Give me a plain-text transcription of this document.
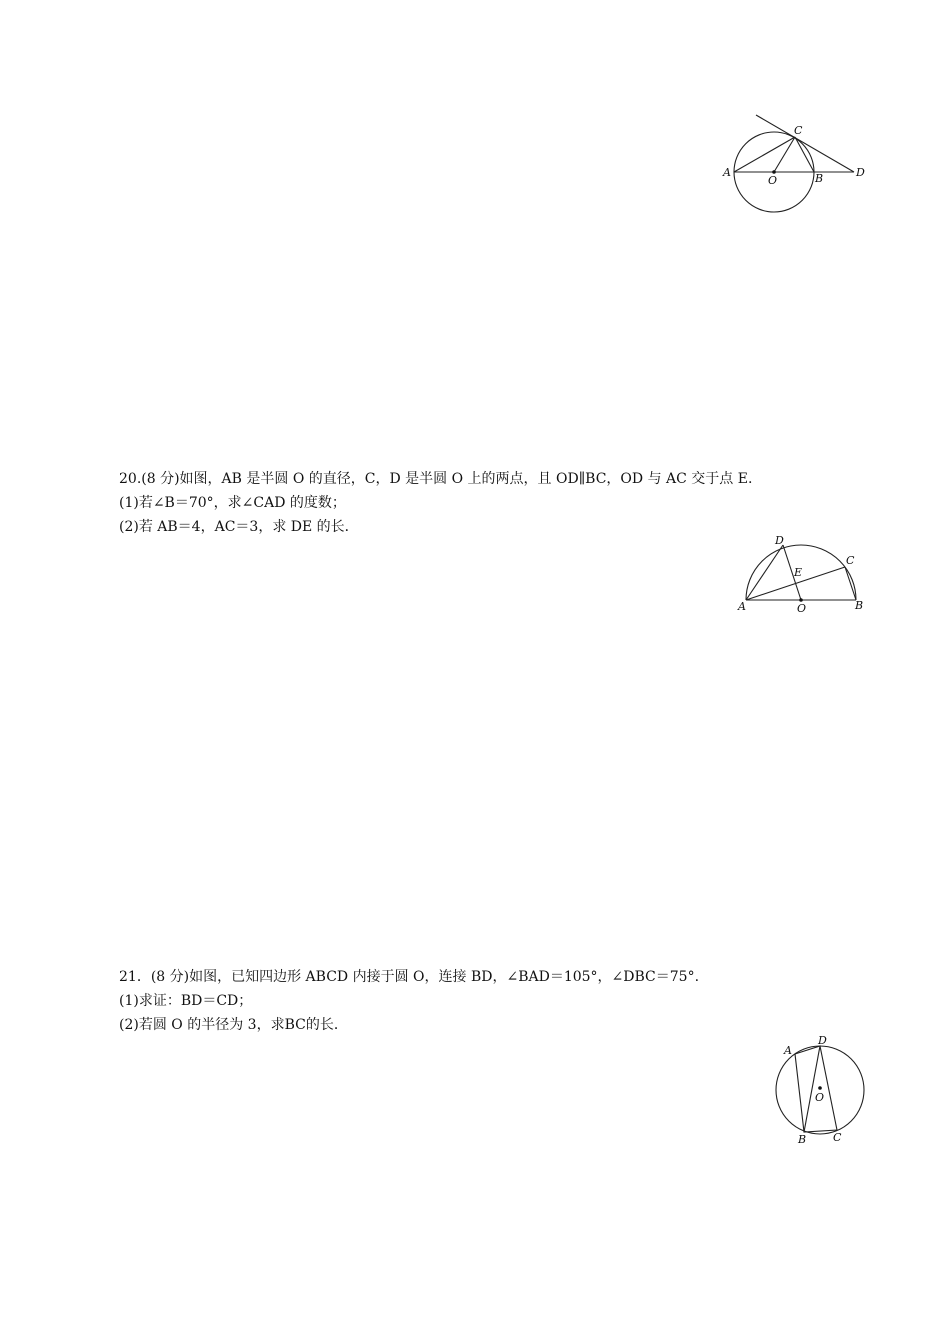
A
C
O	B	D

20.(8 分)如图，AB 是半圆 O 的直径，C，D 是半圆 O 上的两点，且 OD∥BC，OD 与 AC 交于点 E.

(1)若∠B＝70°，求∠CAD 的度数；

(2)若 AB＝4，AC＝3，求 DE 的长．

D
C
E
A	O	B

21．(8 分)如图，已知四边形 ABCD 内接于圆 O，连接 BD，∠BAD＝105°，∠DBC＝75°.

(1)求证：BD＝CD；

(2)若圆 O 的半径为 3，求BC的长．

A
D
O
B C
